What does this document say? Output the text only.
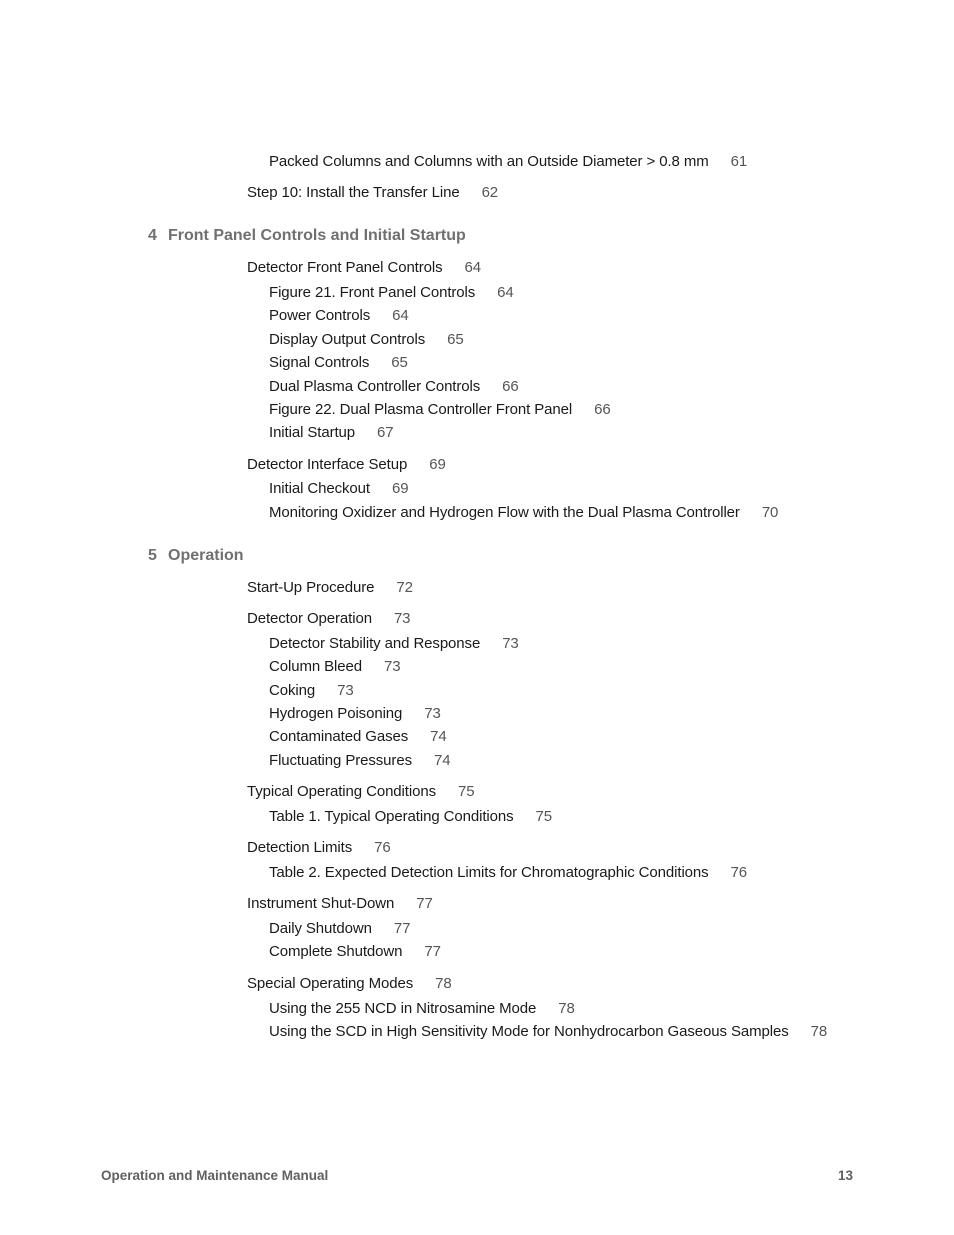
Packed Columns and Columns with an Outside Diameter > 0.8 mm 61
Step 10: Install the Transfer Line 62
4 Front Panel Controls and Initial Startup
Detector Front Panel Controls 64
Figure 21. Front Panel Controls 64
Power Controls 64
Display Output Controls 65
Signal Controls 65
Dual Plasma Controller Controls 66
Figure 22. Dual Plasma Controller Front Panel 66
Initial Startup 67
Detector Interface Setup 69
Initial Checkout 69
Monitoring Oxidizer and Hydrogen Flow with the Dual Plasma Controller 70
5 Operation
Start-Up Procedure 72
Detector Operation 73
Detector Stability and Response 73
Column Bleed 73
Coking 73
Hydrogen Poisoning 73
Contaminated Gases 74
Fluctuating Pressures 74
Typical Operating Conditions 75
Table 1. Typical Operating Conditions 75
Detection Limits 76
Table 2. Expected Detection Limits for Chromatographic Conditions 76
Instrument Shut-Down 77
Daily Shutdown 77
Complete Shutdown 77
Special Operating Modes 78
Using the 255 NCD in Nitrosamine Mode 78
Using the SCD in High Sensitivity Mode for Nonhydrocarbon Gaseous Samples 78
Operation and Maintenance Manual	13
